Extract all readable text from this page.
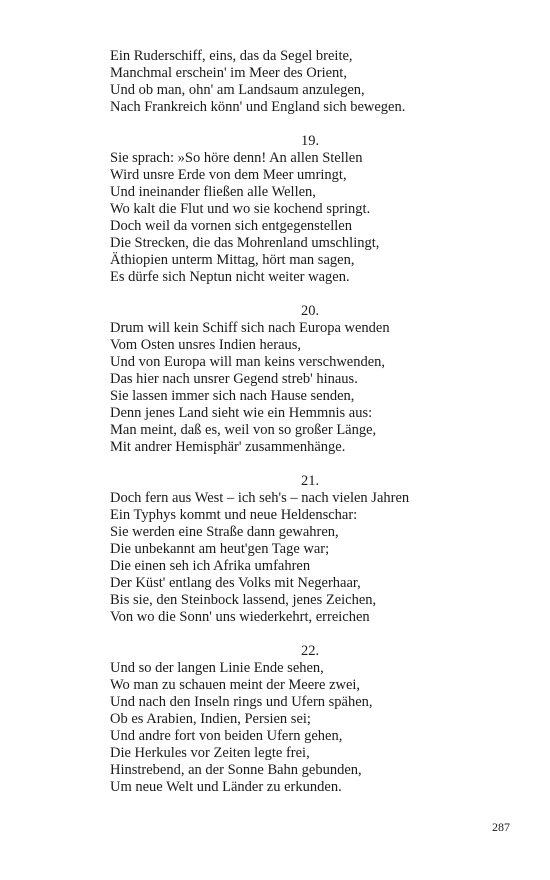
Ein Ruderschiff, eins, das da Segel breite,
Manchmal erschein' im Meer des Orient,
Und ob man, ohn' am Landsaum anzulegen,
Nach Frankreich könn' und England sich bewegen.
19.
Sie sprach: »So höre denn! An allen Stellen
Wird unsre Erde von dem Meer umringt,
Und ineinander fließen alle Wellen,
Wo kalt die Flut und wo sie kochend springt.
Doch weil da vornen sich entgegenstellen
Die Strecken, die das Mohrenland umschlingt,
Äthiopien unterm Mittag, hört man sagen,
Es dürfe sich Neptun nicht weiter wagen.
20.
Drum will kein Schiff sich nach Europa wenden
Vom Osten unsres Indien heraus,
Und von Europa will man keins verschwenden,
Das hier nach unsrer Gegend streb' hinaus.
Sie lassen immer sich nach Hause senden,
Denn jenes Land sieht wie ein Hemmnis aus:
Man meint, daß es, weil von so großer Länge,
Mit andrer Hemisphär' zusammenhänge.
21.
Doch fern aus West – ich seh's – nach vielen Jahren
Ein Typhys kommt und neue Heldenschar:
Sie werden eine Straße dann gewahren,
Die unbekannt am heut'gen Tage war;
Die einen seh ich Afrika umfahren
Der Küst' entlang des Volks mit Negerhaar,
Bis sie, den Steinbock lassend, jenes Zeichen,
Von wo die Sonn' uns wiederkehrt, erreichen
22.
Und so der langen Linie Ende sehen,
Wo man zu schauen meint der Meere zwei,
Und nach den Inseln rings und Ufern spähen,
Ob es Arabien, Indien, Persien sei;
Und andre fort von beiden Ufern gehen,
Die Herkules vor Zeiten legte frei,
Hinstrebend, an der Sonne Bahn gebunden,
Um neue Welt und Länder zu erkunden.
287
